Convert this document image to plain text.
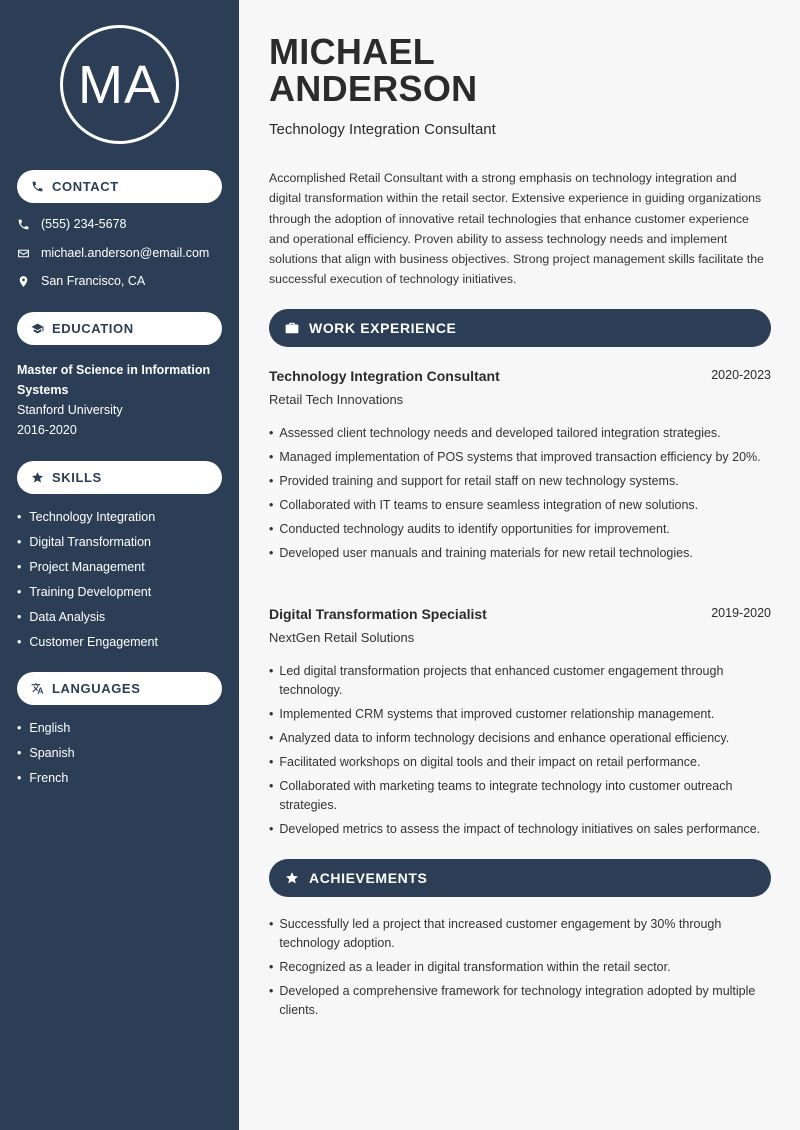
MA
CONTACT
(555) 234-5678
michael.anderson@email.com
San Francisco, CA
EDUCATION
Master of Science in Information Systems
Stanford University
2016-2020
SKILLS
• Technology Integration
• Digital Transformation
• Project Management
• Training Development
• Data Analysis
• Customer Engagement
LANGUAGES
• English
• Spanish
• French
MICHAEL
ANDERSON
Technology Integration Consultant

Accomplished Retail Consultant with a strong emphasis on technology integration and digital transformation within the retail sector. Extensive experience in guiding organizations through the adoption of innovative retail technologies that enhance customer experience and operational efficiency. Proven ability to assess technology needs and implement solutions that align with business objectives. Strong project management skills facilitate the successful execution of technology initiatives.

WORK EXPERIENCE
Technology Integration Consultant	2020-2023
Retail Tech Innovations
• Assessed client technology needs and developed tailored integration strategies.
• Managed implementation of POS systems that improved transaction efficiency by 20%.
• Provided training and support for retail staff on new technology systems.
• Collaborated with IT teams to ensure seamless integration of new solutions.
• Conducted technology audits to identify opportunities for improvement.
• Developed user manuals and training materials for new retail technologies.
Digital Transformation Specialist	2019-2020
NextGen Retail Solutions
• Led digital transformation projects that enhanced customer engagement through technology.
• Implemented CRM systems that improved customer relationship management.
• Analyzed data to inform technology decisions and enhance operational efficiency.
• Facilitated workshops on digital tools and their impact on retail performance.
• Collaborated with marketing teams to integrate technology into customer outreach strategies.
• Developed metrics to assess the impact of technology initiatives on sales performance.
ACHIEVEMENTS
• Successfully led a project that increased customer engagement by 30% through technology adoption.
• Recognized as a leader in digital transformation within the retail sector.
• Developed a comprehensive framework for technology integration adopted by multiple clients.
